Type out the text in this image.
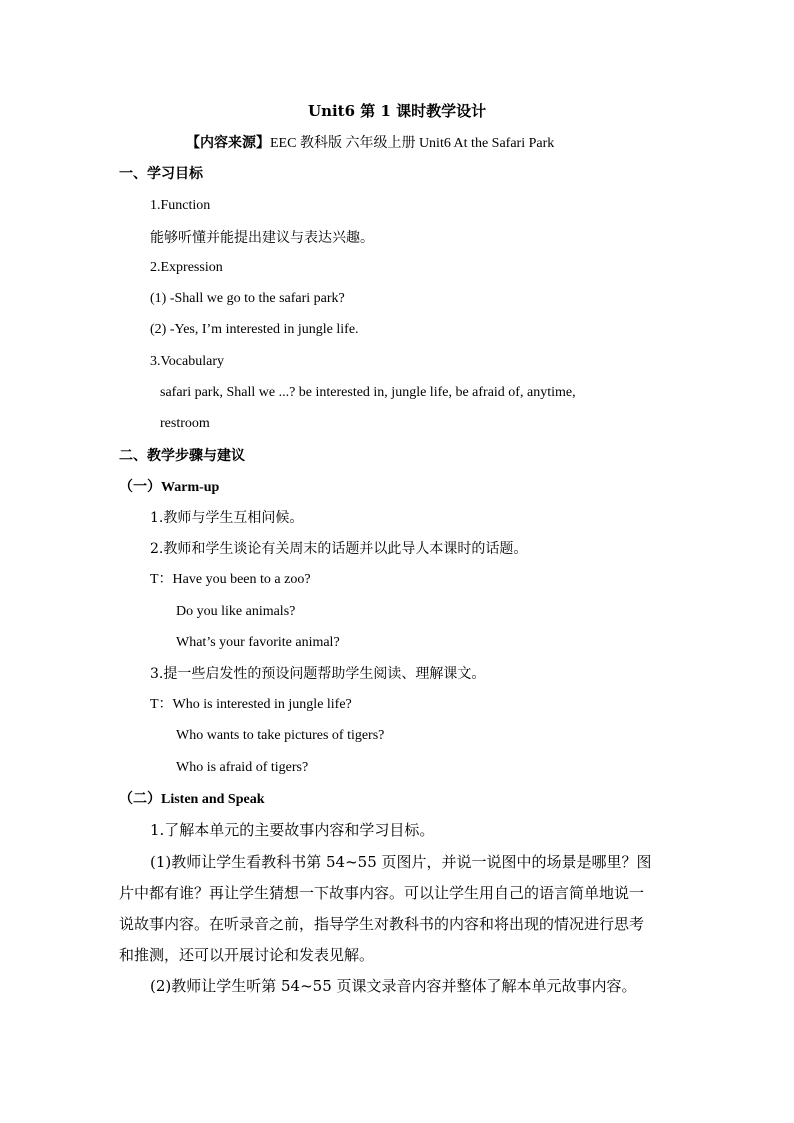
Unit6 第 1 课时教学设计
【内容来源】EEC 教科版 六年级上册 Unit6 At the Safari Park
一、学习目标
1.Function
能够听懂并能提出建议与表达兴趣。
2.Expression
(1) -Shall we go to the safari park?
(2) -Yes, I’m interested in jungle life.
3.Vocabulary
safari park, Shall we ...? be interested in, jungle life, be afraid of, anytime,
restroom
二、教学步骤与建议
（一）Warm-up
1.教师与学生互相问候。
2.教师和学生谈论有关周末的话题并以此导人本课时的话题。
T：Have you been to a zoo?
Do you like animals?
What’s your favorite animal?
3.提一些启发性的预设问题帮助学生阅读、理解课文。
T：Who is interested in jungle life?
Who wants to take pictures of tigers?
Who is afraid of tigers?
（二）Listen and Speak
1.了解本单元的主要故事内容和学习目标。
(1)教师让学生看教科书第 54~55 页图片，并说一说图中的场景是哪里？图
片中都有谁？再让学生猜想一下故事内容。可以让学生用自己的语言简单地说一
说故事内容。在听录音之前，指导学生对教科书的内容和将出现的情况进行思考
和推测，还可以开展讨论和发表见解。
(2)教师让学生听第 54~55 页课文录音内容并整体了解本单元故事内容。
